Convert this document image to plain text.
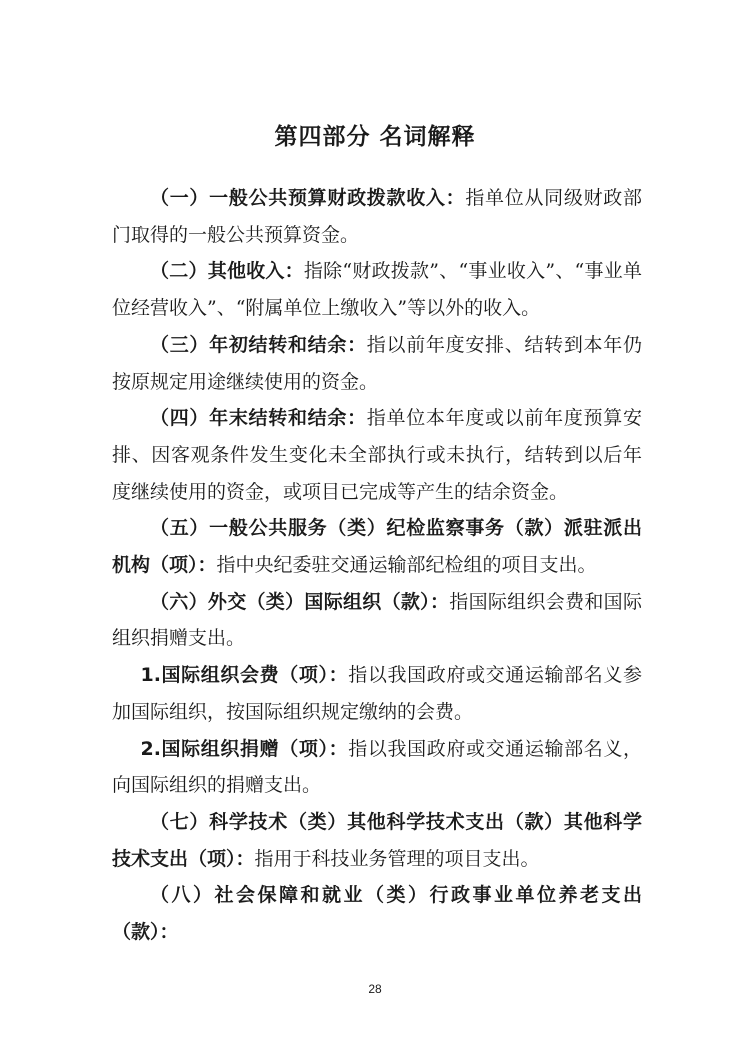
第四部分 名词解释

（一）一般公共预算财政拨款收入：指单位从同级财政部门取得的一般公共预算资金。

（二）其他收入：指除“财政拨款”、“事业收入”、“事业单位经营收入”、“附属单位上缴收入”等以外的收入。

（三）年初结转和结余：指以前年度安排、结转到本年仍按原规定用途继续使用的资金。

（四）年末结转和结余：指单位本年度或以前年度预算安排、因客观条件发生变化未全部执行或未执行，结转到以后年度继续使用的资金，或项目已完成等产生的结余资金。

（五）一般公共服务（类）纪检监察事务（款）派驻派出机构（项）：指中央纪委驻交通运输部纪检组的项目支出。

（六）外交（类）国际组织（款）：指国际组织会费和国际组织捐赠支出。

1.国际组织会费（项）：指以我国政府或交通运输部名义参加国际组织，按国际组织规定缴纳的会费。

2.国际组织捐赠（项）：指以我国政府或交通运输部名义，向国际组织的捐赠支出。

（七）科学技术（类）其他科学技术支出（款）其他科学技术支出（项）：指用于科技业务管理的项目支出。

（八）社会保障和就业（类）行政事业单位养老支出（款）：

28
